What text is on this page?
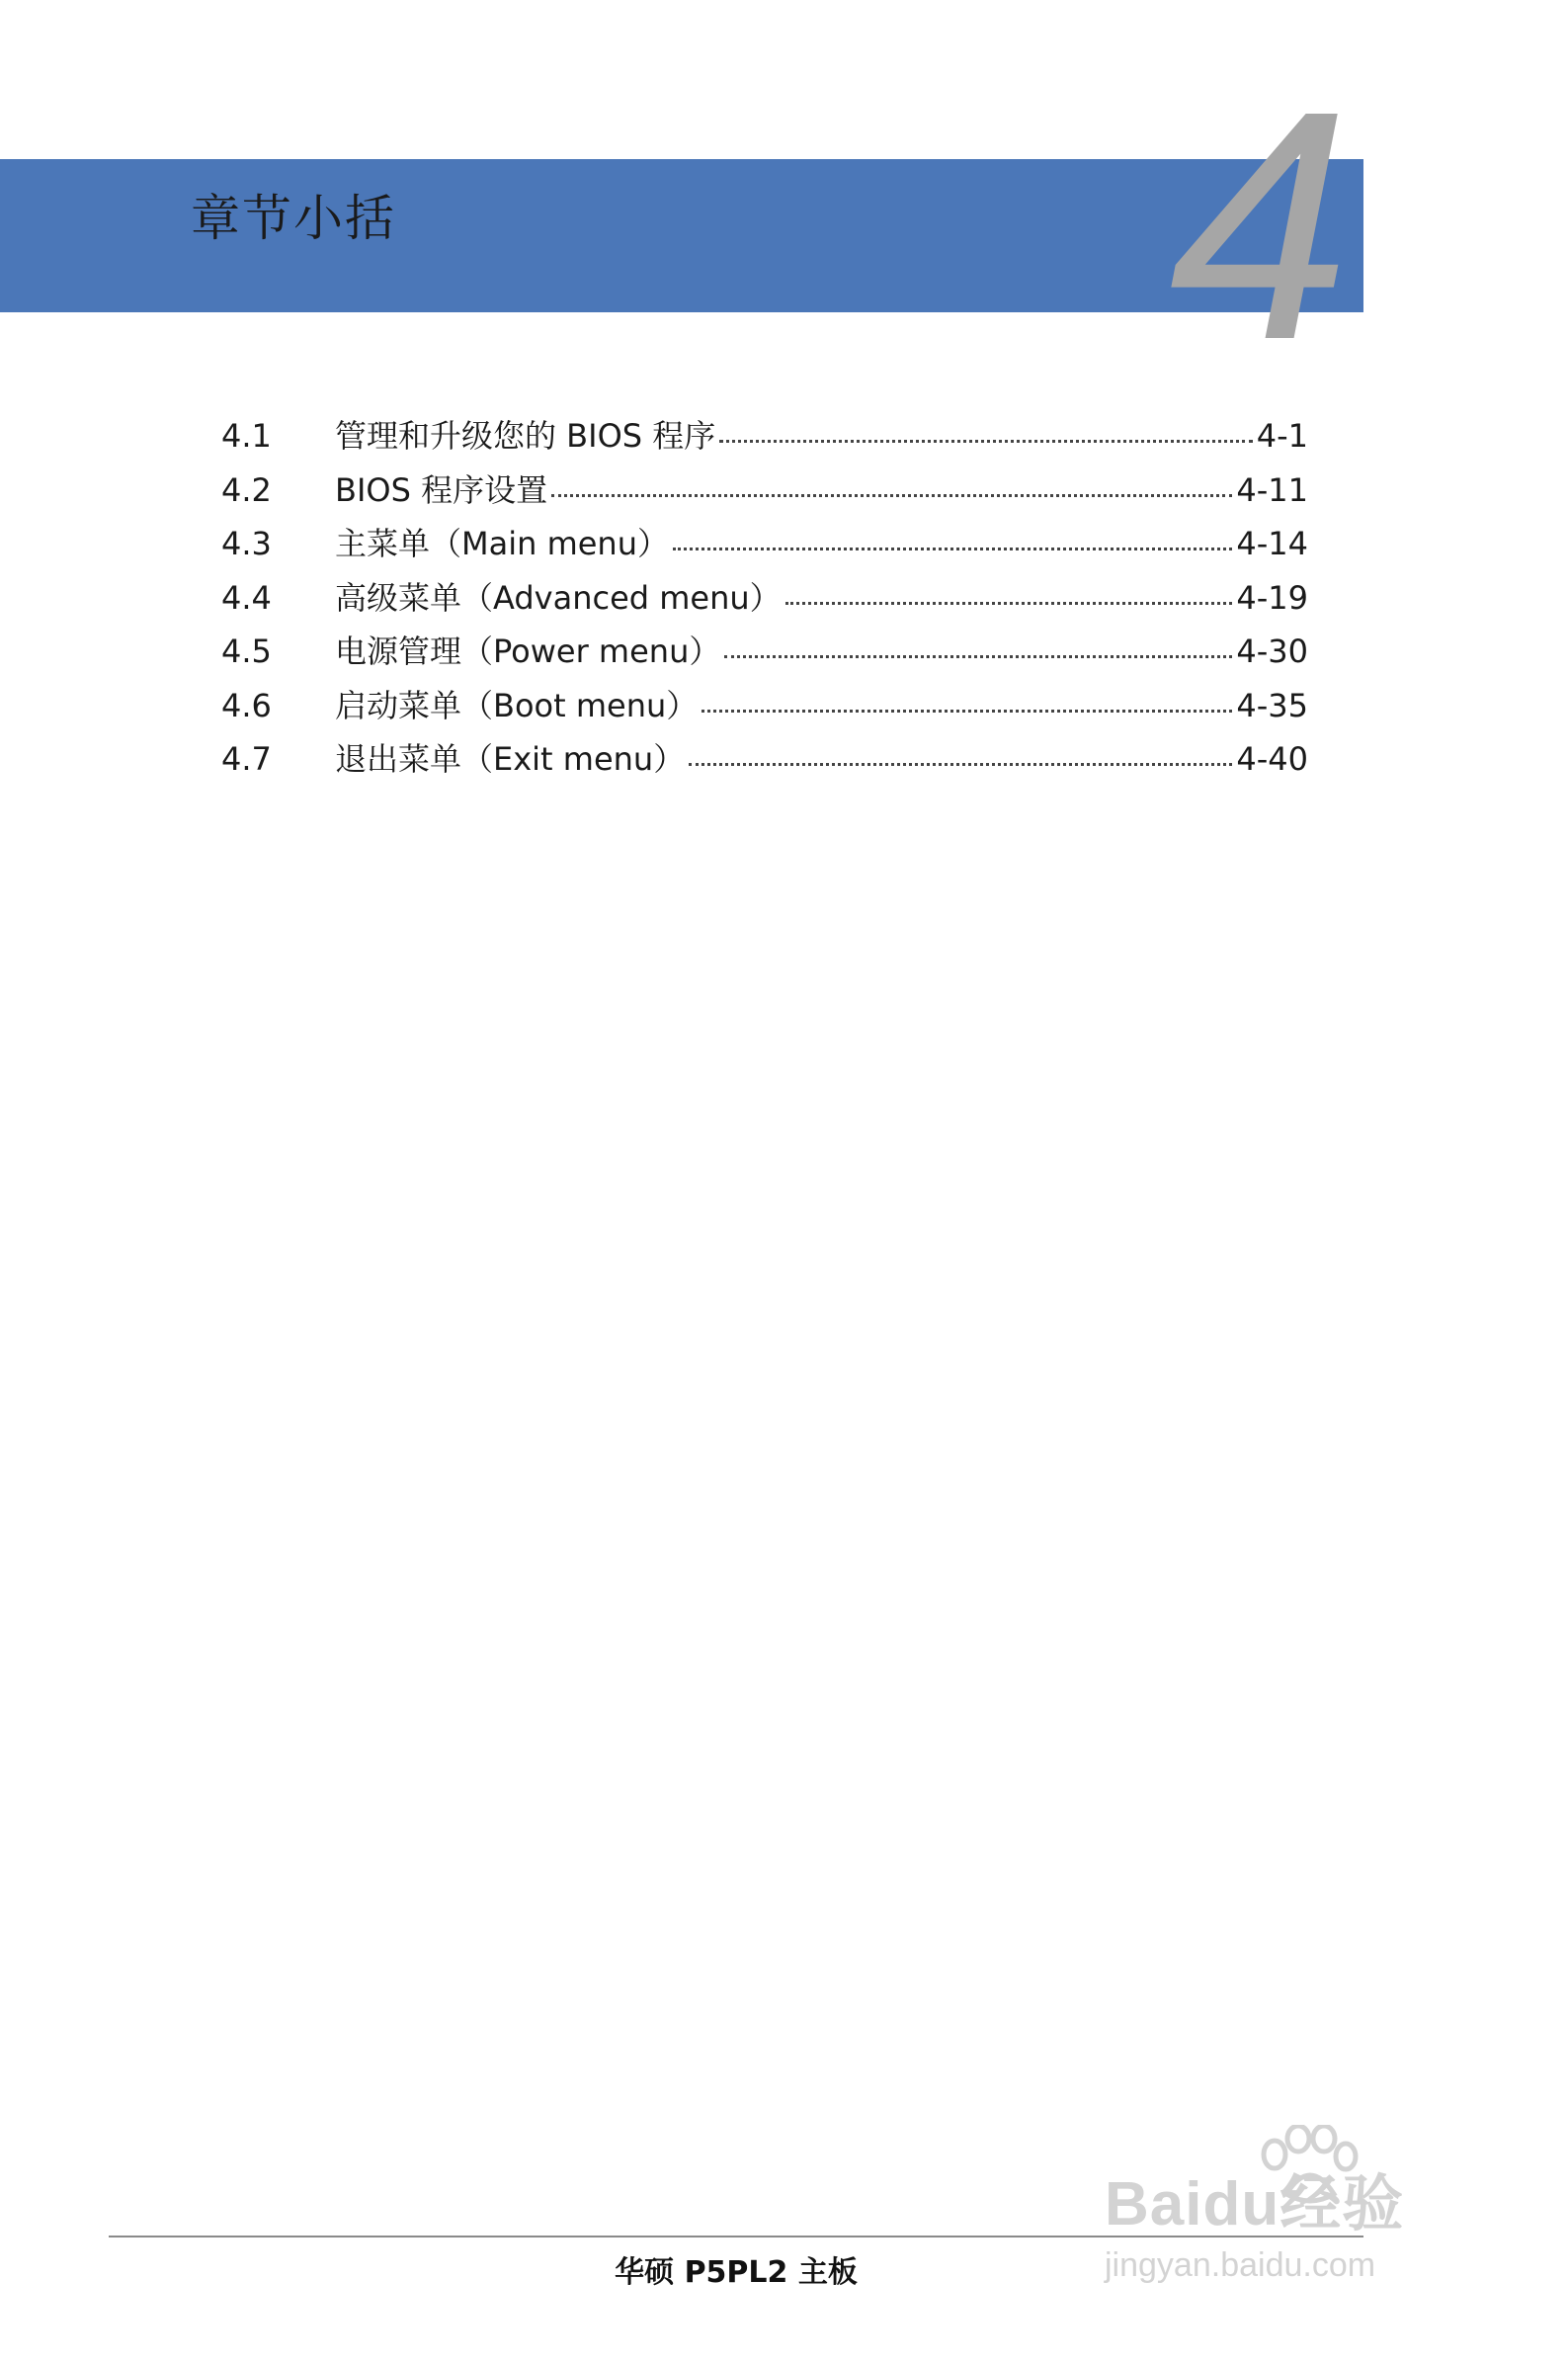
章节小括 4
4.1	管理和升级您的 BIOS 程序	4-1
4.2	BIOS 程序设置	4-11
4.3	主菜单（Main menu）	4-14
4.4	高级菜单（Advanced menu）	4-19
4.5	电源管理（Power menu）	4-30
4.6	启动菜单（Boot menu）	4-35
4.7	退出菜单（Exit menu）	4-40
华硕 P5PL2 主板
Baidu经验
jingyan.baidu.com
